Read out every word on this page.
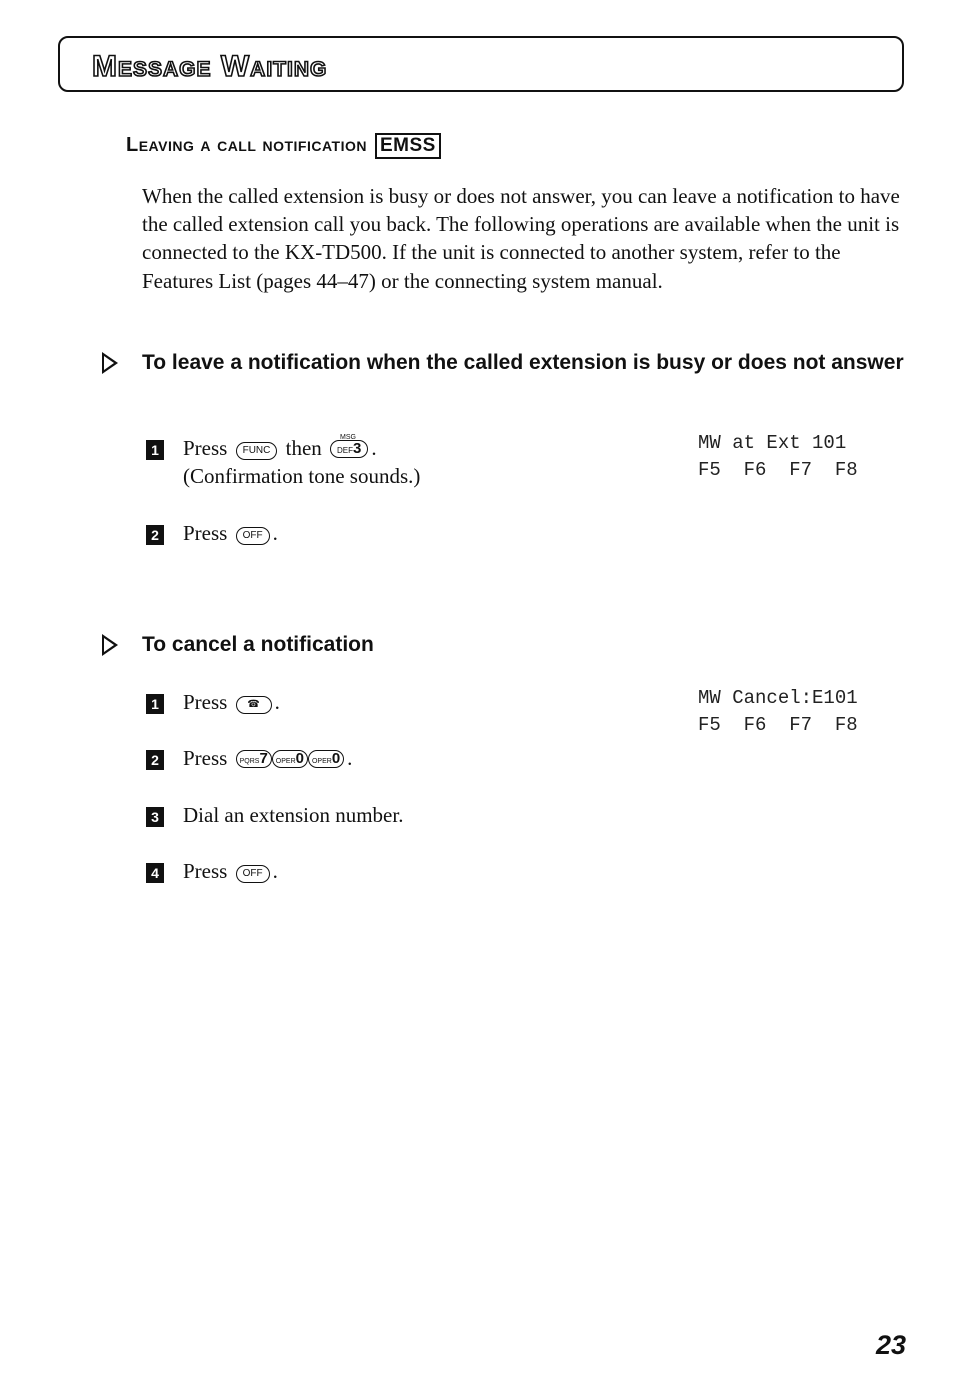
Message Waiting
Leaving a call notification EMSS
When the called extension is busy or does not answer, you can leave a notification to have the called extension call you back. The following operations are available when the unit is connected to the KX-TD500. If the unit is connected to another system, refer to the Features List (pages 44–47) or the connecting system manual.
To leave a notification when the called extension is busy or does not answer
1 Press FUNC then	MSG
DEF3 .
(Confirmation tone sounds.)
MW at Ext 101
F5  F6  F7  F8
2 Press OFF .
To cancel a notification
1 Press ☎ .	MW Cancel:E101
F5  F6  F7  F8
2 Press PQRS7 OPER0 OPER0 .
3 Dial an extension number.
4 Press OFF .
23
